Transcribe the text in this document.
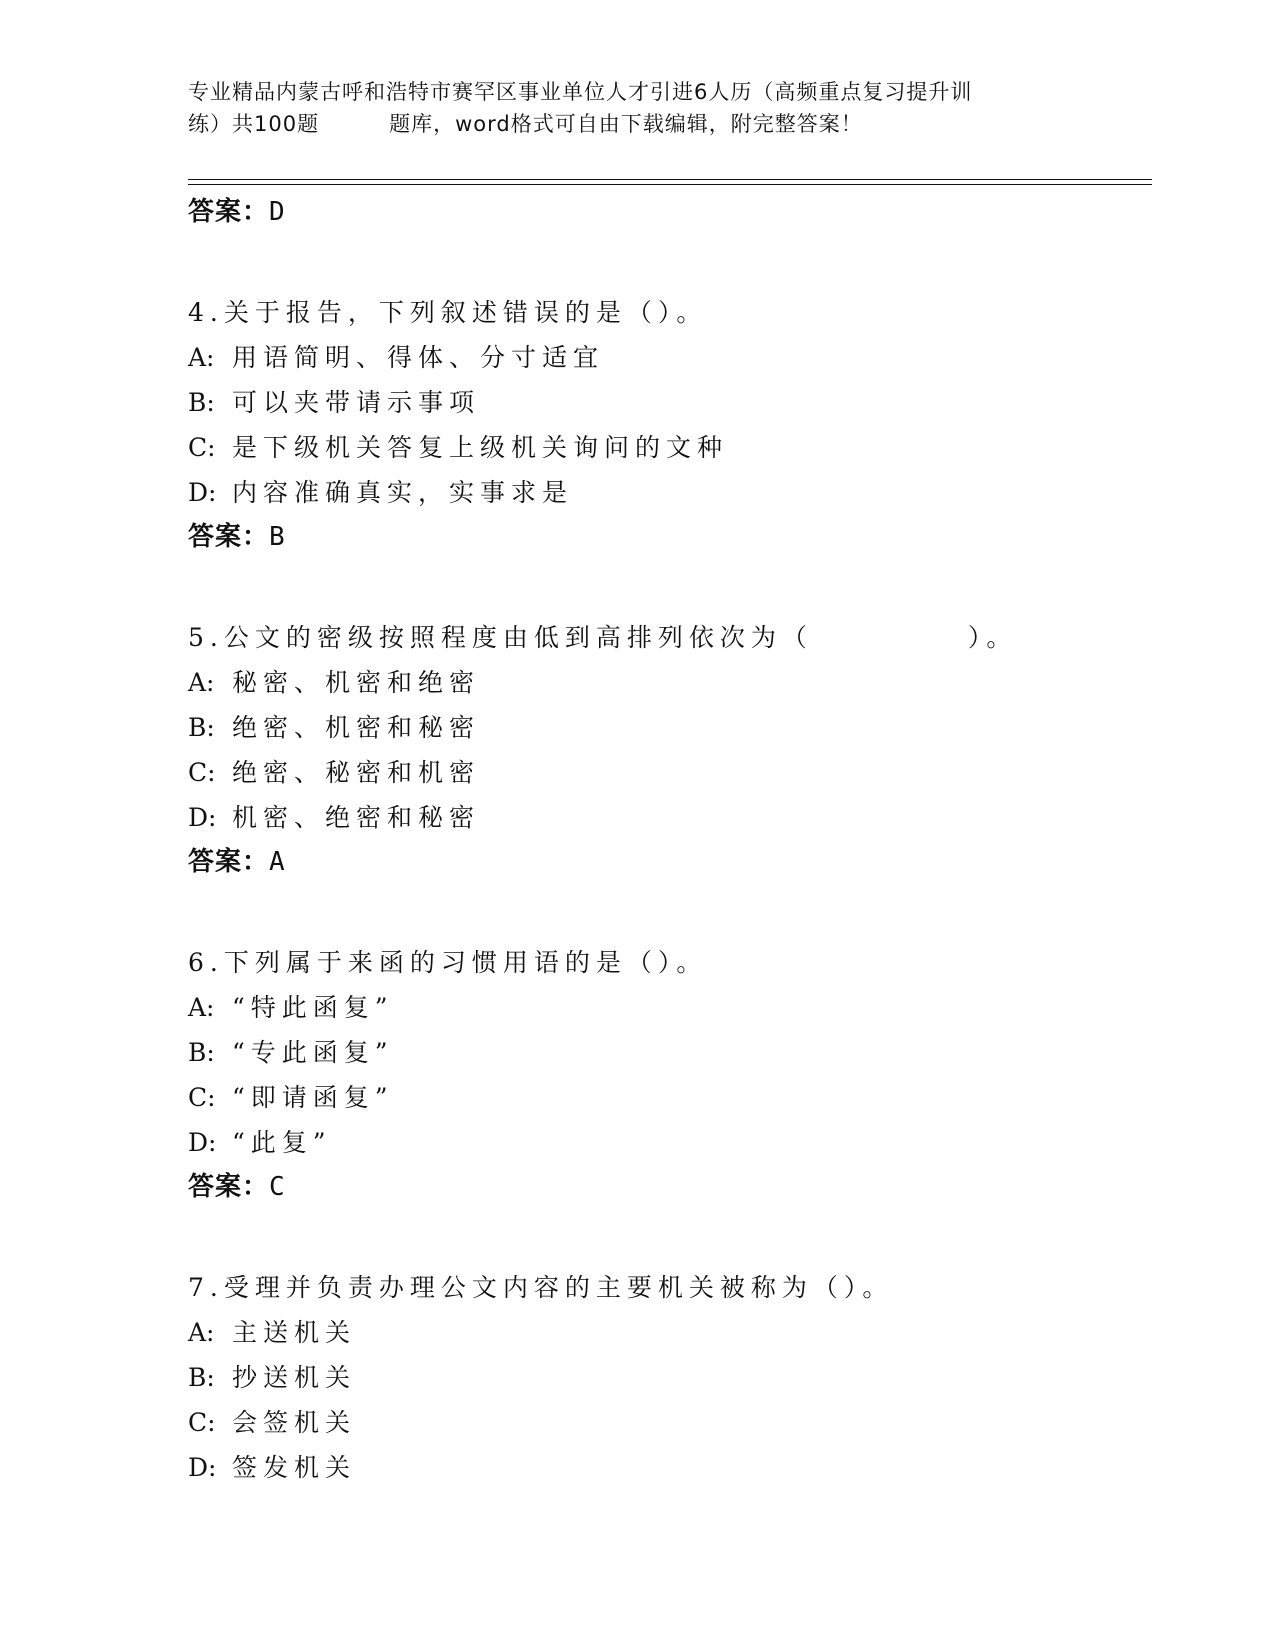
专业精品内蒙古呼和浩特市赛罕区事业单位人才引进6人历（高频重点复习提升训
练）共100题	题库，word格式可自由下载编辑，附完整答案！
答案：D
4.关于报告，下列叙述错误的是（）。
A: 用语简明、得体、分寸适宜
B: 可以夹带请示事项
C: 是下级机关答复上级机关询问的文种
D: 内容准确真实，实事求是
答案：B
5.公文的密级按照程度由低到高排列依次为（　　　　　）。
A: 秘密、机密和绝密
B: 绝密、机密和秘密
C: 绝密、秘密和机密
D: 机密、绝密和秘密
答案：A
6.下列属于来函的习惯用语的是（）。
A: “特此函复”
B: “专此函复”
C: “即请函复”
D: “此复”
答案：C
7.受理并负责办理公文内容的主要机关被称为（）。
A: 主送机关
B: 抄送机关
C: 会签机关
D: 签发机关
